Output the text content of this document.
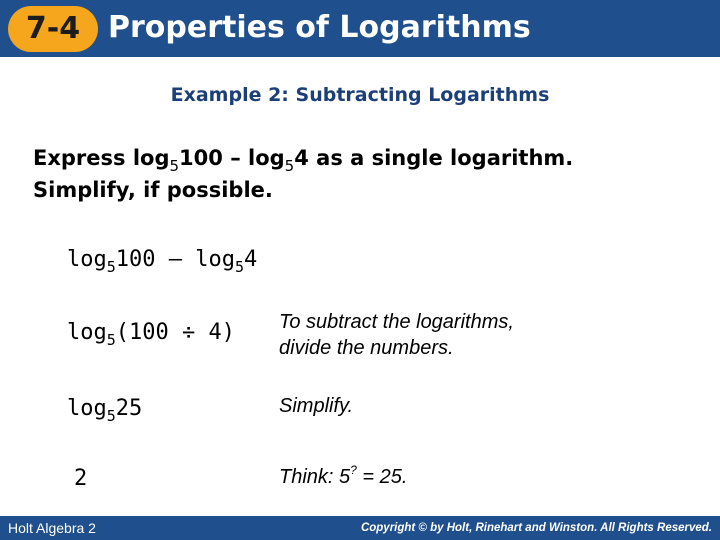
7-4 Properties of Logarithms
Example 2: Subtracting Logarithms
Express $\log_5100 - \log_54$ as a single logarithm.
Simplify, if possible.
$\log_5100 - \log_54$
$\log_5(100 \div 4)$ To subtract the logarithms,
divide the numbers.
$\log_525$	Simplify.
2	Think: 5? = 25.
Holt Algebra 2	Copyright © by Holt, Rinehart and Winston. All Rights Reserved.
